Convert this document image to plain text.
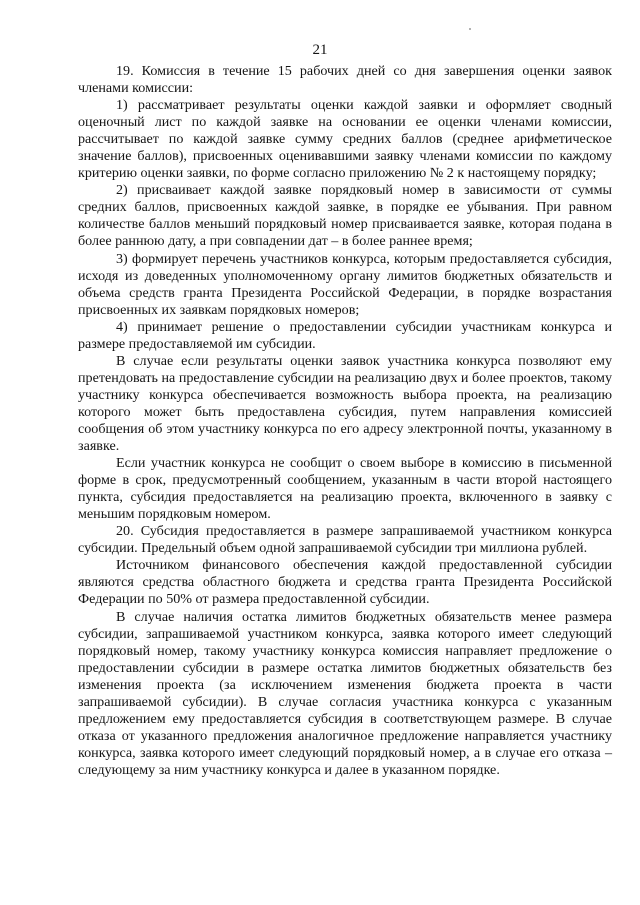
21

19. Комиссия в течение 15 рабочих дней со дня завершения оценки заявок членами комиссии:

1) рассматривает результаты оценки каждой заявки и оформляет сводный оценочный лист по каждой заявке на основании ее оценки членами комиссии, рассчитывает по каждой заявке сумму средних баллов (среднее арифметическое значение баллов), присвоенных оценивавшими заявку членами комиссии по каждому критерию оценки заявки, по форме согласно приложению № 2 к настоящему порядку;

2) присваивает каждой заявке порядковый номер в зависимости от суммы средних баллов, присвоенных каждой заявке, в порядке ее убывания. При равном количестве баллов меньший порядковый номер присваивается заявке, которая подана в более раннюю дату, а при совпадении дат – в более раннее время;

3) формирует перечень участников конкурса, которым предоставляется субсидия, исходя из доведенных уполномоченному органу лимитов бюджетных обязательств и объема средств гранта Президента Российской Федерации, в порядке возрастания присвоенных их заявкам порядковых номеров;

4) принимает решение о предоставлении субсидии участникам конкурса и размере предоставляемой им субсидии.

В случае если результаты оценки заявок участника конкурса позволяют ему претендовать на предоставление субсидии на реализацию двух и более проектов, такому участнику конкурса обеспечивается возможность выбора проекта, на реализацию которого может быть предоставлена субсидия, путем направления комиссией сообщения об этом участнику конкурса по его адресу электронной почты, указанному в заявке.

Если участник конкурса не сообщит о своем выборе в комиссию в письменной форме в срок, предусмотренный сообщением, указанным в части второй настоящего пункта, субсидия предоставляется на реализацию проекта, включенного в заявку с меньшим порядковым номером.

20. Субсидия предоставляется в размере запрашиваемой участником конкурса субсидии. Предельный объем одной запрашиваемой субсидии три миллиона рублей.

Источником финансового обеспечения каждой предоставленной субсидии являются средства областного бюджета и средства гранта Президента Российской Федерации по 50% от размера предоставленной субсидии.

В случае наличия остатка лимитов бюджетных обязательств менее размера субсидии, запрашиваемой участником конкурса, заявка которого имеет следующий порядковый номер, такому участнику конкурса комиссия направляет предложение о предоставлении субсидии в размере остатка лимитов бюджетных обязательств без изменения проекта (за исключением изменения бюджета проекта в части запрашиваемой субсидии). В случае согласия участника конкурса с указанным предложением ему предоставляется субсидия в соответствующем размере. В случае отказа от указанного предложения аналогичное предложение направляется участнику конкурса, заявка которого имеет следующий порядковый номер, а в случае его отказа – следующему за ним участнику конкурса и далее в указанном порядке.
